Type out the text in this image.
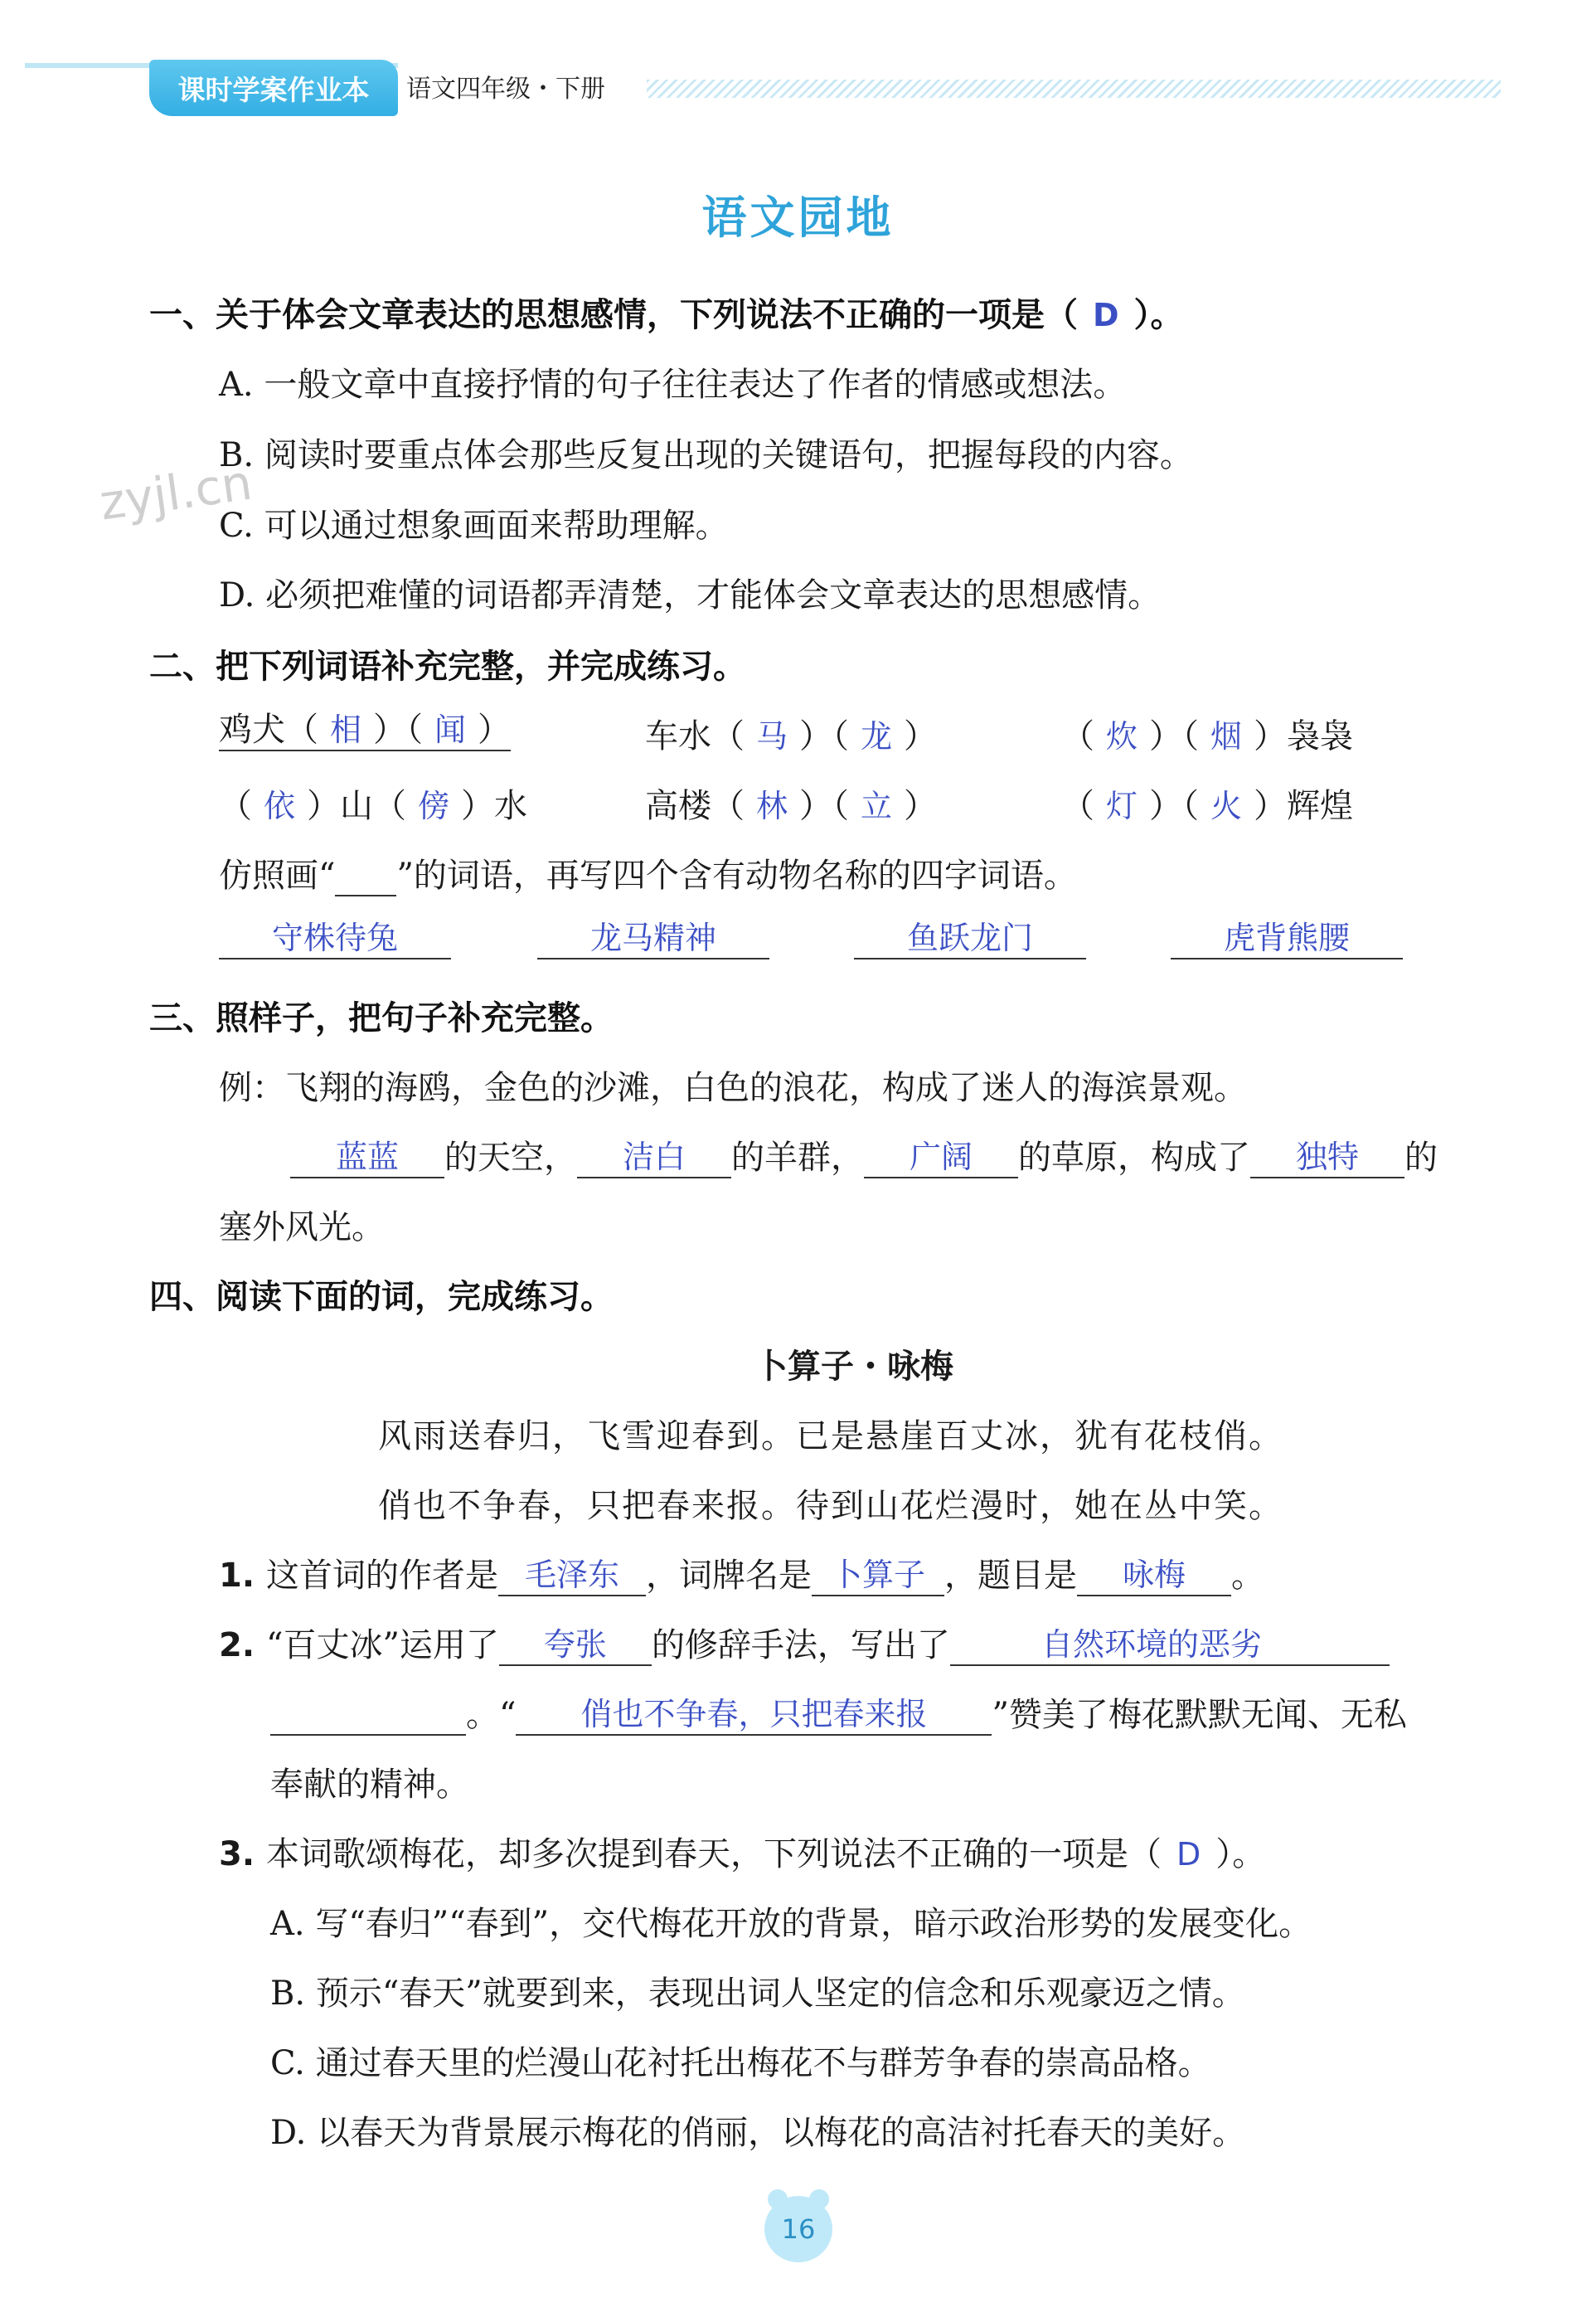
课时学案作业本	语文四年级・下册
语文园地
zyjl.cn
一、关于体会文章表达的思想感情，下列说法不正确的一项是（ D ）。
A. 一般文章中直接抒情的句子往往表达了作者的情感或想法。
B. 阅读时要重点体会那些反复出现的关键语句，把握每段的内容。
C. 可以通过想象画面来帮助理解。
D. 必须把难懂的词语都弄清楚，才能体会文章表达的思想感情。
二、把下列词语补充完整，并完成练习。
鸡犬（ 相 ）（ 闻 ）	车水（ 马 ）（ 龙 ）	（ 炊 ）（ 烟 ）袅袅
（ 依 ）山（ 傍 ）水	高楼（ 林 ）（ 立 ）	（ 灯 ）（ 火 ）辉煌
仿照画“ ”的词语，再写四个含有动物名称的四字词语。
守株待兔	龙马精神	鱼跃龙门	虎背熊腰
三、照样子，把句子补充完整。
例：飞翔的海鸥，金色的沙滩，白色的浪花，构成了迷人的海滨景观。
蓝蓝 的天空， 洁白 的羊群， 广阔 的草原，构成了 独特 的
塞外风光。
四、阅读下面的词，完成练习。
卜算子・咏梅
风雨送春归，飞雪迎春到。已是悬崖百丈冰，犹有花枝俏。
俏也不争春，只把春来报。待到山花烂漫时，她在丛中笑。
1. 这首词的作者是 毛泽东 ，词牌名是 卜算子 ，题目是 咏梅 。
2. “百丈冰”运用了 夸张 的修辞手法，写出了	自然环境的恶劣
。“ 俏也不争春，只把春来报 ”赞美了梅花默默无闻、无私
奉献的精神。
3. 本词歌颂梅花，却多次提到春天，下列说法不正确的一项是（ D ）。
A. 写“春归”“春到”，交代梅花开放的背景，暗示政治形势的发展变化。
B. 预示“春天”就要到来，表现出词人坚定的信念和乐观豪迈之情。
C. 通过春天里的烂漫山花衬托出梅花不与群芳争春的崇高品格。
D. 以春天为背景展示梅花的俏丽，以梅花的高洁衬托春天的美好。
16
